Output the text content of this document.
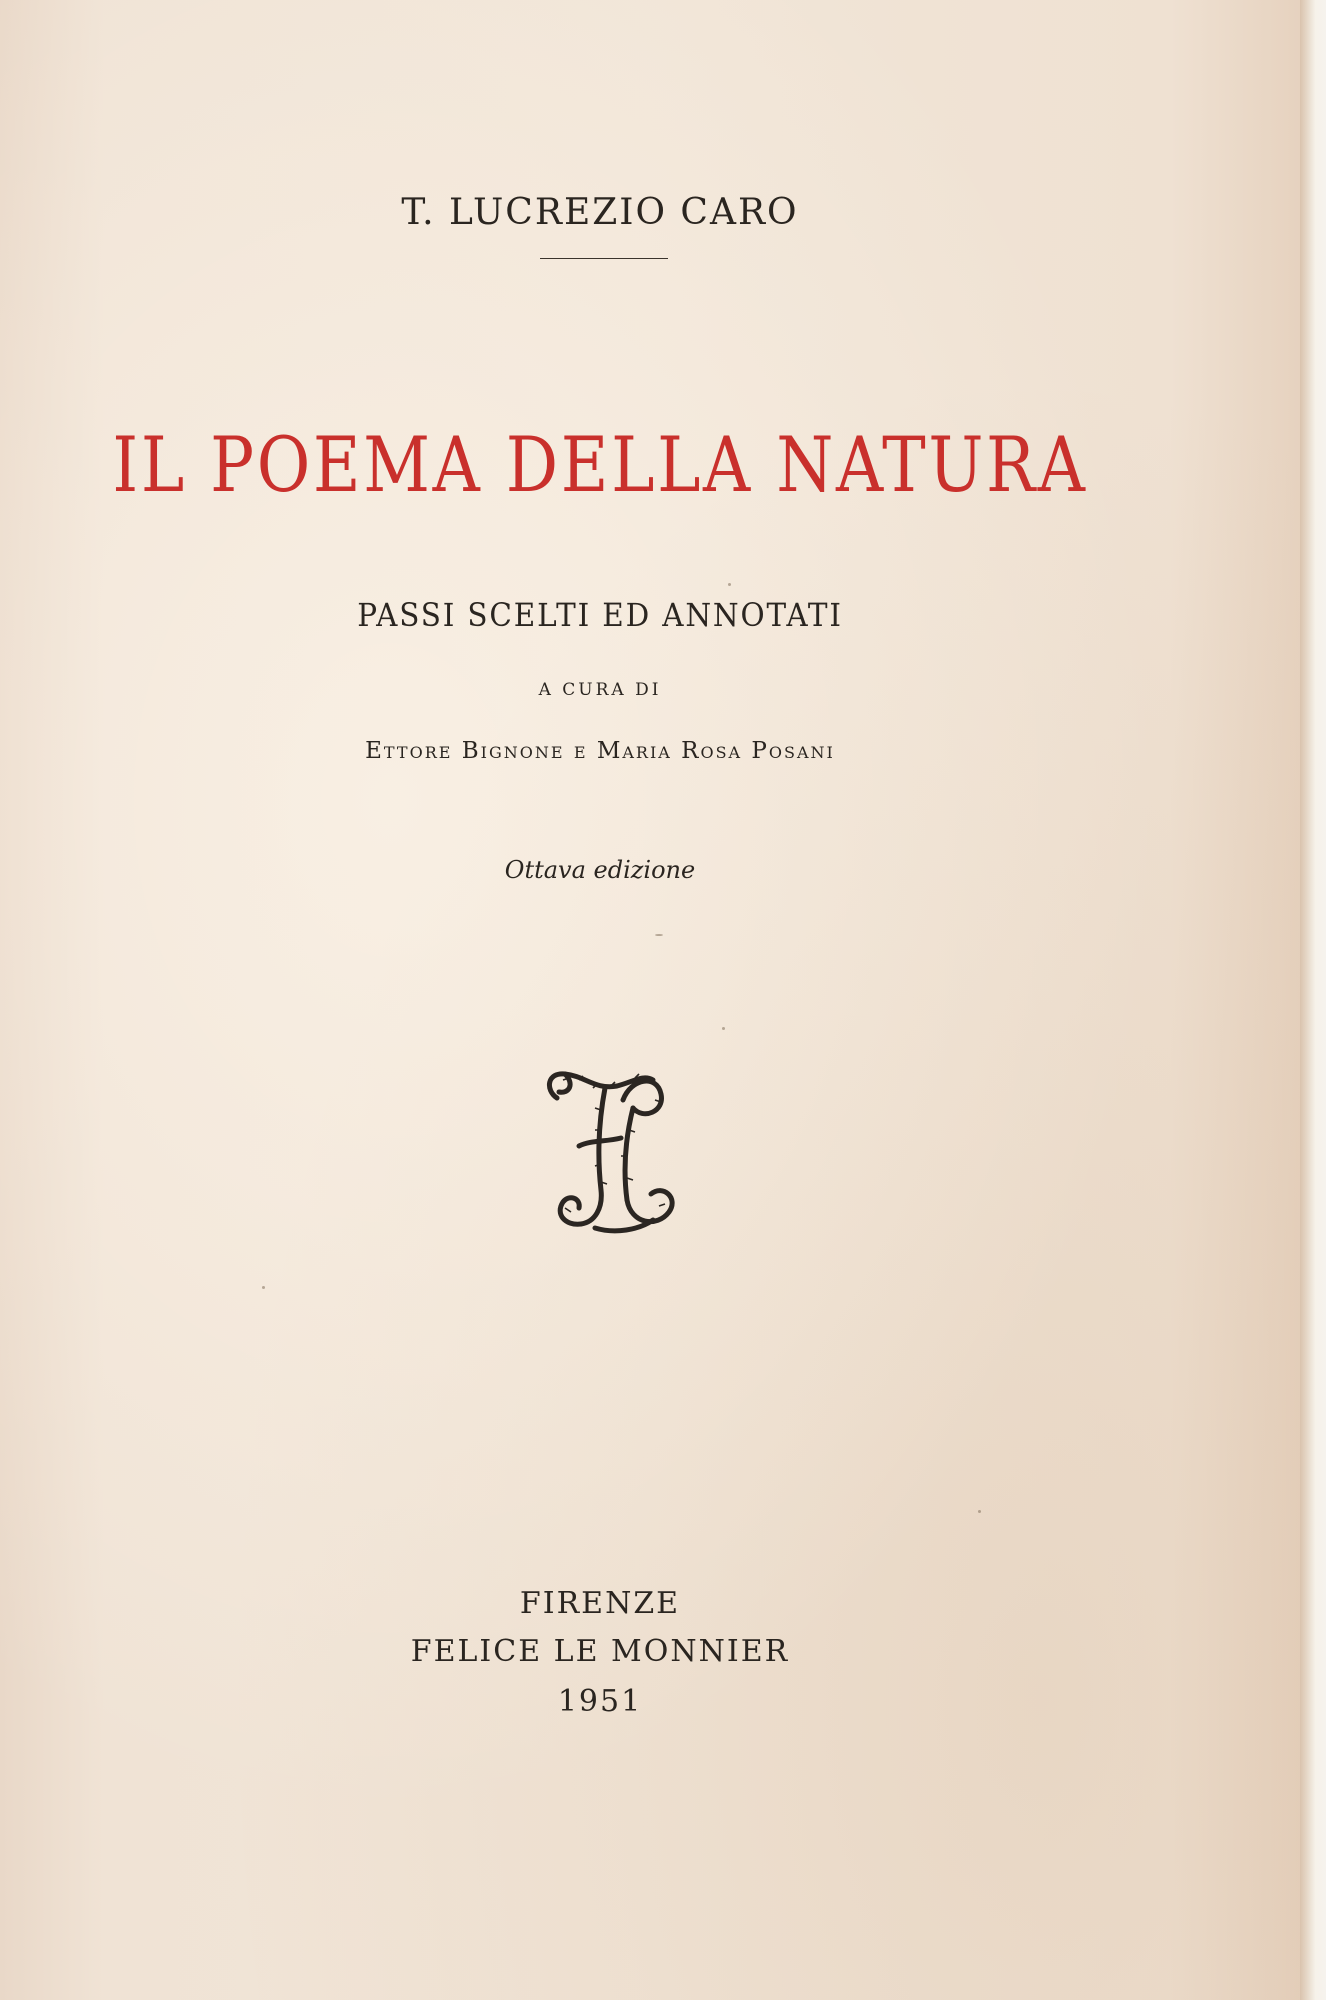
T. LUCREZIO CARO
IL POEMA DELLA NATURA
PASSI SCELTI ED ANNOTATI
A CURA DI
Ettore Bignone e Maria Rosa Posani
Ottava edizione
FIRENZE
FELICE LE MONNIER
1951
